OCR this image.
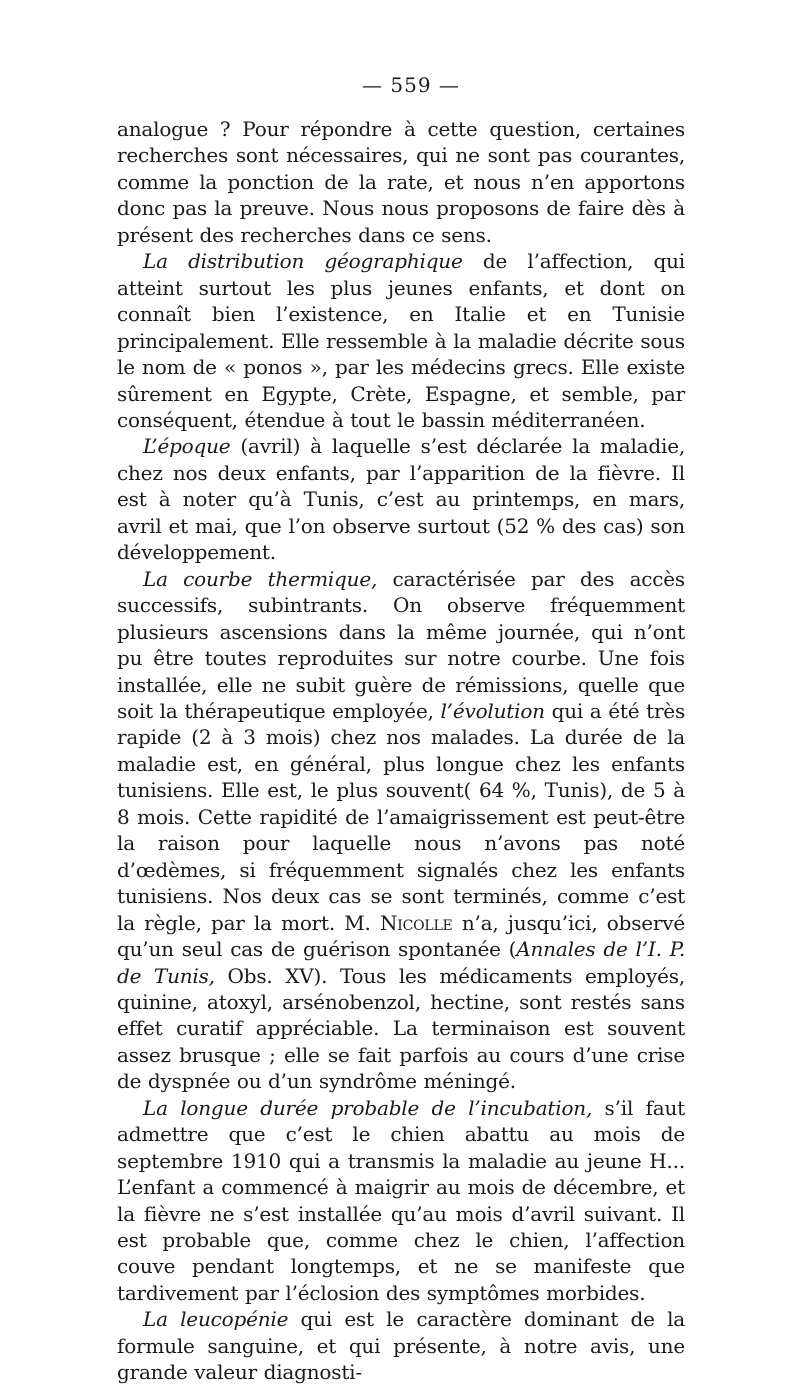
— 559 —

analogue ? Pour répondre à cette question, certaines recherches sont nécessaires, qui ne sont pas courantes, comme la ponction de la rate, et nous n’en apportons donc pas la preuve. Nous nous proposons de faire dès à présent des recherches dans ce sens.

La distribution géographique de l’affection, qui atteint surtout les plus jeunes enfants, et dont on connaît bien l’existence, en Italie et en Tunisie principalement. Elle ressemble à la maladie décrite sous le nom de « ponos », par les médecins grecs. Elle existe sûrement en Egypte, Crète, Espagne, et semble, par conséquent, étendue à tout le bassin méditerranéen.

L’époque (avril) à laquelle s’est déclarée la maladie, chez nos deux enfants, par l’apparition de la fièvre. Il est à noter qu’à Tunis, c’est au printemps, en mars, avril et mai, que l’on observe surtout (52 % des cas) son développement.

La courbe thermique, caractérisée par des accès successifs, subintrants. On observe fréquemment plusieurs ascensions dans la même journée, qui n’ont pu être toutes reproduites sur notre courbe. Une fois installée, elle ne subit guère de rémissions, quelle que soit la thérapeutique employée, l’évolution qui a été très rapide (2 à 3 mois) chez nos malades. La durée de la maladie est, en général, plus longue chez les enfants tunisiens. Elle est, le plus souvent( 64 %, Tunis), de 5 à 8 mois. Cette rapidité de l’amaigrissement est peut-être la raison pour laquelle nous n’avons pas noté d’œdèmes, si fréquemment signalés chez les enfants tunisiens. Nos deux cas se sont terminés, comme c’est la règle, par la mort. M. Nicolle n’a, jusqu’ici, observé qu’un seul cas de guérison spontanée (Annales de l’I. P. de Tunis, Obs. XV). Tous les médicaments employés, quinine, atoxyl, arsénobenzol, hectine, sont restés sans effet curatif appréciable. La terminaison est souvent assez brusque ; elle se fait parfois au cours d’une crise de dyspnée ou d’un syndrôme méningé.

La longue durée probable de l’incubation, s’il faut admettre que c’est le chien abattu au mois de septembre 1910 qui a transmis la maladie au jeune H... L’enfant a commencé à maigrir au mois de décembre, et la fièvre ne s’est installée qu’au mois d’avril suivant. Il est probable que, comme chez le chien, l’affection couve pendant longtemps, et ne se manifeste que tardivement par l’éclosion des symptômes morbides.

La leucopénie qui est le caractère dominant de la formule sanguine, et qui présente, à notre avis, une grande valeur diagnosti-
